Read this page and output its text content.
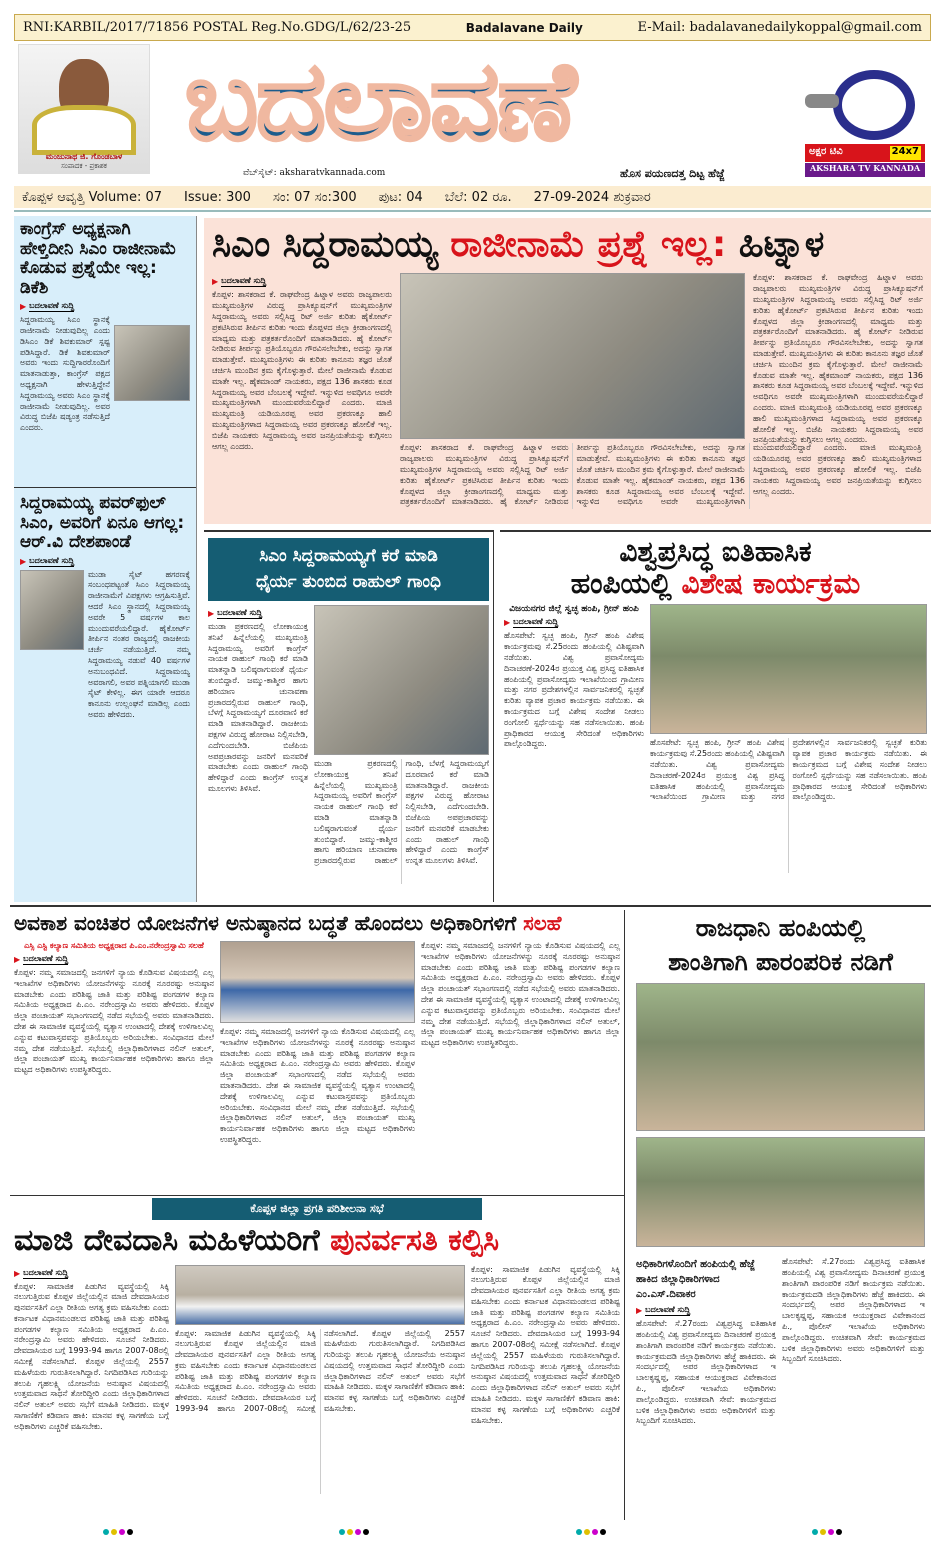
RNI:KARBIL/2017/71856 POSTAL Reg.No.GDG/L/62/23-25	Badalavane Daily	E-Mail: badalavanedailykoppal@gmail.com
ಮಂಜುನಾಥ ಜಿ. ಗೊಂಡಬಾಳ
ಸಂಪಾದಕ - ಪ್ರಕಾಶಕ
ಬದಲಾವಣೆ
ವೆಬ್‌ಸೈಟ್: aksharatvkannada.com	ಹೊಸ ಪಯಣದತ್ತ ದಿಟ್ಟ ಹೆಜ್ಜೆ
ಅಕ್ಷರ ಟಿವಿ	24x7
AKSHARA TV KANNADA
ಕೊಪ್ಪಳ ಆವೃತ್ತಿ Volume: 07 Issue: 300 ಸಂ: 07 ಸಂ:300 ಪುಟ: 04 ಬೆಲೆ: 02 ರೂ. 27-09-2024 ಶುಕ್ರವಾರ
ಕಾಂಗ್ರೆಸ್ ಅಧ್ಯಕ್ಷನಾಗಿ ಹೇಳ್ತಿದೀನಿ ಸಿಎಂ ರಾಜೀನಾಮೆ ಕೊಡುವ ಪ್ರಶ್ನೆಯೇ ಇಲ್ಲ: ಡಿಕೆಶಿ
▶ ಬದಲಾವಣೆ ಸುದ್ದಿ
ಸಿದ್ದರಾಮಯ್ಯ ಸಿಎಂ ಸ್ಥಾನಕ್ಕೆ ರಾಜೀನಾಮೆ ನೀಡುವುದಿಲ್ಲ ಎಂದು ಡಿಸಿಎಂ ಡಿಕೆ ಶಿವಕುಮಾರ್ ಸ್ಪಷ್ಟ ಪಡಿಸಿದ್ದಾರೆ. ಡಿಕೆ ಶಿವಕುಮಾರ್ ಅವರು ಇಂದು ಸುದ್ದಿಗಾರರೊಂದಿಗೆ ಮಾತನಾಡುತ್ತಾ, ಕಾಂಗ್ರೆಸ್ ಪಕ್ಷದ ಅಧ್ಯಕ್ಷನಾಗಿ ಹೇಳುತ್ತಿದ್ದೇನೆ ಸಿದ್ದರಾಮಯ್ಯ ಅವರು ಸಿಎಂ ಸ್ಥಾನಕ್ಕೆ ರಾಜೀನಾಮೆ ನೀಡುವುದಿಲ್ಲ. ಅವರ ವಿರುದ್ಧ ಬಿಜೆಪಿ ಷಡ್ಯಂತ್ರ ನಡೆಸುತ್ತಿದೆ ಎಂದರು.
ಸಿದ್ದರಾಮಯ್ಯ ಪವರ್‌ಫುಲ್ ಸಿಎಂ, ಅವರಿಗೆ ಏನೂ ಆಗಲ್ಲ: ಆರ್.ವಿ ದೇಶಪಾಂಡೆ
▶ ಬದಲಾವಣೆ ಸುದ್ದಿ
ಮುಡಾ ಸೈಟ್ ಹಗರಣಕ್ಕೆ ಸಂಬಂಧಪಟ್ಟಂತೆ ಸಿಎಂ ಸಿದ್ದರಾಮಯ್ಯ ರಾಜೀನಾಮೆಗೆ ವಿಪಕ್ಷಗಳು ಆಗ್ರಹಿಸುತ್ತಿವೆ. ಆದರೆ ಸಿಎಂ ಸ್ಥಾನದಲ್ಲಿ ಸಿದ್ದರಾಮಯ್ಯ ಅವರೇ 5 ವರ್ಷಗಳ ಕಾಲ ಮುಂದುವರೆಯಲಿದ್ದಾರೆ. ಹೈಕೋರ್ಟ್ ತೀರ್ಪಿನ ನಂತರ ರಾಜ್ಯದಲ್ಲಿ ರಾಜಕೀಯ ಚರ್ಚೆ ನಡೆಯುತ್ತಿದೆ. ನಮ್ಮ ಸಿದ್ದರಾಮಯ್ಯ ನಡುವೆ 40 ವರ್ಷಗಳ ಅನುಬಂಧವಿದೆ. ಸಿದ್ದರಾಮಯ್ಯ ಅವರಾಗಲಿ, ಅವರ ಪತ್ನಿಯಾಗಲಿ ಮುಡಾ ಸೈಟ್ ಕೇಳಿಲ್ಲ. ಈಗ ಯಾರೇ ಆದರೂ ಕಾನೂನು ಉಲ್ಲಂಘನೆ ಮಾಡಿಲ್ಲ ಎಂದು ಅವರು ಹೇಳಿದರು.
ಸಿಎಂ ಸಿದ್ದರಾಮಯ್ಯ ರಾಜೀನಾಮೆ ಪ್ರಶ್ನೆ ಇಲ್ಲ: ಹಿಟ್ನಾಳ
▶ ಬದಲಾವಣೆ ಸುದ್ದಿ
ಕೊಪ್ಪಳ: ಶಾಸಕರಾದ ಕೆ. ರಾಘವೇಂದ್ರ ಹಿಟ್ನಾಳ ಅವರು ರಾಜ್ಯಪಾಲರು ಮುಖ್ಯಮಂತ್ರಿಗಳ ವಿರುದ್ಧ ಪ್ರಾಸಿಕ್ಯೂಷನ್‌ಗೆ ಮುಖ್ಯಮಂತ್ರಿಗಳ ಸಿದ್ದರಾಮಯ್ಯ ಅವರು ಸಲ್ಲಿಸಿದ್ದ ರಿಟ್ ಅರ್ಜಿ ಕುರಿತು ಹೈಕೋರ್ಟ್ ಪ್ರಕಟಿಸಿರುವ ತೀರ್ಪಿನ ಕುರಿತು ಇಂದು ಕೊಪ್ಪಳದ ಜಿಲ್ಲಾ ಕ್ರೀಡಾಂಗಣದಲ್ಲಿ ಮಾಧ್ಯಮ ಮತ್ತು ಪತ್ರಕರ್ತರೊಂದಿಗೆ ಮಾತನಾಡಿದರು. ಹೈ ಕೋರ್ಟ್ ನೀಡಿರುವ ತೀರ್ಪನ್ನು ಪ್ರತಿಯೊಬ್ಬರೂ ಗೌರವಿಸಲೇಬೇಕು, ಅದನ್ನು ಸ್ವಾಗತ ಮಾಡುತ್ತೇವೆ. ಮುಖ್ಯಮಂತ್ರಿಗಳು ಈ ಕುರಿತು ಕಾನೂನು ತಜ್ಞರ ಜೊತೆ ಚರ್ಚಿಸಿ ಮುಂದಿನ ಕ್ರಮ ಕೈಗೊಳ್ಳುತ್ತಾರೆ. ಮೇಲೆ ರಾಜೀನಾಮೆ ಕೊಡುವ ಮಾತೇ ಇಲ್ಲ. ಹೈಕಮಾಂಡ್ ನಾಯಕರು, ಪಕ್ಷದ 136 ಶಾಸಕರು ಕೂಡ ಸಿದ್ದರಾಮಯ್ಯ ಅವರ ಬೆಂಬಲಕ್ಕೆ ಇದ್ದೇವೆ. ಇನ್ನುಳಿದ ಅವಧಿಗೂ ಅವರೇ ಮುಖ್ಯಮಂತ್ರಿಗಳಾಗಿ ಮುಂದುವರೆಯಲಿದ್ದಾರೆ ಎಂದರು. ಮಾಜಿ ಮುಖ್ಯಮಂತ್ರಿ ಯಡಿಯೂರಪ್ಪ ಅವರ ಪ್ರಕರಣಕ್ಕೂ ಹಾಲಿ ಮುಖ್ಯಮಂತ್ರಿಗಳಾದ ಸಿದ್ದರಾಮಯ್ಯ ಅವರ ಪ್ರಕರಣಕ್ಕೂ ಹೋಲಿಕೆ ಇಲ್ಲ. ಬಿಜೆಪಿ ನಾಯಕರು ಸಿದ್ದರಾಮಯ್ಯ ಅವರ ಜನಪ್ರಿಯತೆಯನ್ನು ಕುಗ್ಗಿಸಲು ಆಗಲ್ಲ ಎಂದರು.	ಕೊಪ್ಪಳ: ಶಾಸಕರಾದ ಕೆ. ರಾಘವೇಂದ್ರ ಹಿಟ್ನಾಳ ಅವರು ರಾಜ್ಯಪಾಲರು ಮುಖ್ಯಮಂತ್ರಿಗಳ ವಿರುದ್ಧ ಪ್ರಾಸಿಕ್ಯೂಷನ್‌ಗೆ ಮುಖ್ಯಮಂತ್ರಿಗಳ ಸಿದ್ದರಾಮಯ್ಯ ಅವರು ಸಲ್ಲಿಸಿದ್ದ ರಿಟ್ ಅರ್ಜಿ ಕುರಿತು ಹೈಕೋರ್ಟ್ ಪ್ರಕಟಿಸಿರುವ ತೀರ್ಪಿನ ಕುರಿತು ಇಂದು ಕೊಪ್ಪಳದ ಜಿಲ್ಲಾ ಕ್ರೀಡಾಂಗಣದಲ್ಲಿ ಮಾಧ್ಯಮ ಮತ್ತು ಪತ್ರಕರ್ತರೊಂದಿಗೆ ಮಾತನಾಡಿದರು. ಹೈ ಕೋರ್ಟ್ ನೀಡಿರುವ ತೀರ್ಪನ್ನು ಪ್ರತಿಯೊಬ್ಬರೂ ಗೌರವಿಸಲೇಬೇಕು, ಅದನ್ನು ಸ್ವಾಗತ ಮಾಡುತ್ತೇವೆ. ಮುಖ್ಯಮಂತ್ರಿಗಳು ಈ ಕುರಿತು ಕಾನೂನು ತಜ್ಞರ ಜೊತೆ ಚರ್ಚಿಸಿ ಮುಂದಿನ ಕ್ರಮ ಕೈಗೊಳ್ಳುತ್ತಾರೆ. ಮೇಲೆ ರಾಜೀನಾಮೆ ಕೊಡುವ ಮಾತೇ ಇಲ್ಲ. ಹೈಕಮಾಂಡ್ ನಾಯಕರು, ಪಕ್ಷದ 136 ಶಾಸಕರು ಕೂಡ ಸಿದ್ದರಾಮಯ್ಯ ಅವರ ಬೆಂಬಲಕ್ಕೆ ಇದ್ದೇವೆ. ಇನ್ನುಳಿದ ಅವಧಿಗೂ ಅವರೇ ಮುಖ್ಯಮಂತ್ರಿಗಳಾಗಿ ಮುಂದುವರೆಯಲಿದ್ದಾರೆ ಎಂದರು. ಮಾಜಿ ಮುಖ್ಯಮಂತ್ರಿ ಯಡಿಯೂರಪ್ಪ ಅವರ ಪ್ರಕರಣಕ್ಕೂ ಹಾಲಿ ಮುಖ್ಯಮಂತ್ರಿಗಳಾದ ಸಿದ್ದರಾಮಯ್ಯ ಅವರ ಪ್ರಕರಣಕ್ಕೂ ಹೋಲಿಕೆ ಇಲ್ಲ. ಬಿಜೆಪಿ ನಾಯಕರು ಸಿದ್ದರಾಮಯ್ಯ ಅವರ ಜನಪ್ರಿಯತೆಯನ್ನು ಕುಗ್ಗಿಸಲು ಆಗಲ್ಲ ಎಂದರು.
ಕೊಪ್ಪಳ: ಶಾಸಕರಾದ ಕೆ. ರಾಘವೇಂದ್ರ ಹಿಟ್ನಾಳ ಅವರು ರಾಜ್ಯಪಾಲರು ಮುಖ್ಯಮಂತ್ರಿಗಳ ವಿರುದ್ಧ ಪ್ರಾಸಿಕ್ಯೂಷನ್‌ಗೆ ಮುಖ್ಯಮಂತ್ರಿಗಳ ಸಿದ್ದರಾಮಯ್ಯ ಅವರು ಸಲ್ಲಿಸಿದ್ದ ರಿಟ್ ಅರ್ಜಿ ಕುರಿತು ಹೈಕೋರ್ಟ್ ಪ್ರಕಟಿಸಿರುವ ತೀರ್ಪಿನ ಕುರಿತು ಇಂದು ಕೊಪ್ಪಳದ ಜಿಲ್ಲಾ ಕ್ರೀಡಾಂಗಣದಲ್ಲಿ ಮಾಧ್ಯಮ ಮತ್ತು ಪತ್ರಕರ್ತರೊಂದಿಗೆ ಮಾತನಾಡಿದರು. ಹೈ ಕೋರ್ಟ್ ನೀಡಿರುವ ತೀರ್ಪನ್ನು ಪ್ರತಿಯೊಬ್ಬರೂ ಗೌರವಿಸಲೇಬೇಕು, ಅದನ್ನು ಸ್ವಾಗತ ಮಾಡುತ್ತೇವೆ. ಮುಖ್ಯಮಂತ್ರಿಗಳು ಈ ಕುರಿತು ಕಾನೂನು ತಜ್ಞರ ಜೊತೆ ಚರ್ಚಿಸಿ ಮುಂದಿನ ಕ್ರಮ ಕೈಗೊಳ್ಳುತ್ತಾರೆ. ಮೇಲೆ ರಾಜೀನಾಮೆ ಕೊಡುವ ಮಾತೇ ಇಲ್ಲ. ಹೈಕಮಾಂಡ್ ನಾಯಕರು, ಪಕ್ಷದ 136 ಶಾಸಕರು ಕೂಡ ಸಿದ್ದರಾಮಯ್ಯ ಅವರ ಬೆಂಬಲಕ್ಕೆ ಇದ್ದೇವೆ. ಇನ್ನುಳಿದ ಅವಧಿಗೂ ಅವರೇ ಮುಖ್ಯಮಂತ್ರಿಗಳಾಗಿ ಮುಂದುವರೆಯಲಿದ್ದಾರೆ ಎಂದರು. ಮಾಜಿ ಮುಖ್ಯಮಂತ್ರಿ ಯಡಿಯೂರಪ್ಪ ಅವರ ಪ್ರಕರಣಕ್ಕೂ ಹಾಲಿ ಮುಖ್ಯಮಂತ್ರಿಗಳಾದ ಸಿದ್ದರಾಮಯ್ಯ ಅವರ ಪ್ರಕರಣಕ್ಕೂ ಹೋಲಿಕೆ ಇಲ್ಲ. ಬಿಜೆಪಿ ನಾಯಕರು ಸಿದ್ದರಾಮಯ್ಯ ಅವರ ಜನಪ್ರಿಯತೆಯನ್ನು ಕುಗ್ಗಿಸಲು ಆಗಲ್ಲ ಎಂದರು.
ಸಿಎಂ ಸಿದ್ದರಾಮಯ್ಯಗೆ ಕರೆ ಮಾಡಿ
ಧೈರ್ಯ ತುಂಬಿದ ರಾಹುಲ್ ಗಾಂಧಿ
▶ ಬದಲಾವಣೆ ಸುದ್ದಿ
ಮುಡಾ ಪ್ರಕರಣದಲ್ಲಿ ಲೋಕಾಯುಕ್ತ ತನಿಖೆ ಹಿನ್ನೆಲೆಯಲ್ಲಿ ಮುಖ್ಯಮಂತ್ರಿ ಸಿದ್ದರಾಮಯ್ಯ ಅವರಿಗೆ ಕಾಂಗ್ರೆಸ್ ನಾಯಕ ರಾಹುಲ್ ಗಾಂಧಿ ಕರೆ ಮಾಡಿ ಮಾತನ್ನಾಡಿ ಬಲಿಷ್ಠರಾಗುವಂತೆ ಧೈರ್ಯ ತುಂಬಿದ್ದಾರೆ. ಜಮ್ಮು-ಕಾಶ್ಮೀರ ಹಾಗು ಹರಿಯಾಣ ಚುನಾವಣಾ ಪ್ರಚಾರದಲ್ಲಿರುವ ರಾಹುಲ್ ಗಾಂಧಿ, ಬೆಳಗ್ಗೆ ಸಿದ್ದರಾಮಯ್ಯಗೆ ದೂರವಾಣಿ ಕರೆ ಮಾಡಿ ಮಾತನಾಡಿದ್ದಾರೆ. ರಾಜಕೀಯ ಪಕ್ಷಗಳ ವಿರುದ್ಧ ಹೋರಾಟ ನಿಲ್ಲಿಸಬೇಡಿ, ಎದೆಗುಂದಬೇಡಿ. ಬಿಜೆಪಿಯ ಅಪಪ್ರಚಾರವನ್ನು ಜನರಿಗೆ ಮನವರಿಕೆ ಮಾಡಬೇಕು ಎಂದು ರಾಹುಲ್ ಗಾಂಧಿ ಹೇಳಿದ್ದಾರೆ ಎಂದು ಕಾಂಗ್ರೆಸ್ ಉನ್ನತ ಮೂಲಗಳು ತಿಳಿಸಿವೆ.
ಮುಡಾ ಪ್ರಕರಣದಲ್ಲಿ ಲೋಕಾಯುಕ್ತ ತನಿಖೆ ಹಿನ್ನೆಲೆಯಲ್ಲಿ ಮುಖ್ಯಮಂತ್ರಿ ಸಿದ್ದರಾಮಯ್ಯ ಅವರಿಗೆ ಕಾಂಗ್ರೆಸ್ ನಾಯಕ ರಾಹುಲ್ ಗಾಂಧಿ ಕರೆ ಮಾಡಿ ಮಾತನ್ನಾಡಿ ಬಲಿಷ್ಠರಾಗುವಂತೆ ಧೈರ್ಯ ತುಂಬಿದ್ದಾರೆ. ಜಮ್ಮು-ಕಾಶ್ಮೀರ ಹಾಗು ಹರಿಯಾಣ ಚುನಾವಣಾ ಪ್ರಚಾರದಲ್ಲಿರುವ ರಾಹುಲ್ ಗಾಂಧಿ, ಬೆಳಗ್ಗೆ ಸಿದ್ದರಾಮಯ್ಯಗೆ ದೂರವಾಣಿ ಕರೆ ಮಾಡಿ ಮಾತನಾಡಿದ್ದಾರೆ. ರಾಜಕೀಯ ಪಕ್ಷಗಳ ವಿರುದ್ಧ ಹೋರಾಟ ನಿಲ್ಲಿಸಬೇಡಿ, ಎದೆಗುಂದಬೇಡಿ. ಬಿಜೆಪಿಯ ಅಪಪ್ರಚಾರವನ್ನು ಜನರಿಗೆ ಮನವರಿಕೆ ಮಾಡಬೇಕು ಎಂದು ರಾಹುಲ್ ಗಾಂಧಿ ಹೇಳಿದ್ದಾರೆ ಎಂದು ಕಾಂಗ್ರೆಸ್ ಉನ್ನತ ಮೂಲಗಳು ತಿಳಿಸಿವೆ.
ವಿಶ್ವಪ್ರಸಿದ್ಧ ಐತಿಹಾಸಿಕ
ಹಂಪಿಯಲ್ಲಿ ವಿಶೇಷ ಕಾರ್ಯಕ್ರಮ
ವಿಜಯನಗರ ಜಿಲ್ಲೆ ಸ್ವಚ್ಛ ಹಂಪಿ, ಗ್ರೀನ್ ಹಂಪಿ
▶ ಬದಲಾವಣೆ ಸುದ್ದಿ
ಹೊಸಪೇಟೆ: ಸ್ವಚ್ಛ ಹಂಪಿ, ಗ್ರೀನ್ ಹಂಪಿ ವಿಶೇಷ ಕಾರ್ಯಕ್ರಮವು ಸೆ.25ರಂದು ಹಂಪಿಯಲ್ಲಿ ವಿಶಿಷ್ಟವಾಗಿ ನಡೆಯಿತು. ವಿಶ್ವ ಪ್ರವಾಸೋದ್ಯಮ ದಿನಾಚರಣೆ-2024ರ ಪ್ರಯುಕ್ತ ವಿಶ್ವ ಪ್ರಸಿದ್ಧ ಐತಿಹಾಸಿಕ ಹಂಪಿಯಲ್ಲಿ ಪ್ರವಾಸೋದ್ಯಮ ಇಲಾಖೆಯಿಂದ ಗ್ರಾಮೀಣ ಮತ್ತು ನಗರ ಪ್ರದೇಶಗಳಲ್ಲಿನ ಸಾರ್ವಜನಿಕರಲ್ಲಿ ಸ್ವಚ್ಛತೆ ಕುರಿತು ವ್ಯಾಪಕ ಪ್ರಚಾರ ಕಾರ್ಯಕ್ರಮ ನಡೆಯಿತು. ಈ ಕಾರ್ಯಕ್ರಮದ ಬಗ್ಗೆ ವಿಶೇಷ ಸಂದೇಶ ನೀಡಲು ರಂಗೋಲಿ ಸ್ಪರ್ಧೆಯನ್ನು ಸಹ ನಡೆಸಲಾಯಿತು. ಹಂಪಿ ಪ್ರಾಧಿಕಾರದ ಆಯುಕ್ತ ಸೇರಿದಂತೆ ಅಧಿಕಾರಿಗಳು ಪಾಲ್ಗೊಂಡಿದ್ದರು.	ಹೊಸಪೇಟೆ: ಸ್ವಚ್ಛ ಹಂಪಿ, ಗ್ರೀನ್ ಹಂಪಿ ವಿಶೇಷ ಕಾರ್ಯಕ್ರಮವು ಸೆ.25ರಂದು ಹಂಪಿಯಲ್ಲಿ ವಿಶಿಷ್ಟವಾಗಿ ನಡೆಯಿತು. ವಿಶ್ವ ಪ್ರವಾಸೋದ್ಯಮ ದಿನಾಚರಣೆ-2024ರ ಪ್ರಯುಕ್ತ ವಿಶ್ವ ಪ್ರಸಿದ್ಧ ಐತಿಹಾಸಿಕ ಹಂಪಿಯಲ್ಲಿ ಪ್ರವಾಸೋದ್ಯಮ ಇಲಾಖೆಯಿಂದ ಗ್ರಾಮೀಣ ಮತ್ತು ನಗರ ಪ್ರದೇಶಗಳಲ್ಲಿನ ಸಾರ್ವಜನಿಕರಲ್ಲಿ ಸ್ವಚ್ಛತೆ ಕುರಿತು ವ್ಯಾಪಕ ಪ್ರಚಾರ ಕಾರ್ಯಕ್ರಮ ನಡೆಯಿತು. ಈ ಕಾರ್ಯಕ್ರಮದ ಬಗ್ಗೆ ವಿಶೇಷ ಸಂದೇಶ ನೀಡಲು ರಂಗೋಲಿ ಸ್ಪರ್ಧೆಯನ್ನು ಸಹ ನಡೆಸಲಾಯಿತು. ಹಂಪಿ ಪ್ರಾಧಿಕಾರದ ಆಯುಕ್ತ ಸೇರಿದಂತೆ ಅಧಿಕಾರಿಗಳು ಪಾಲ್ಗೊಂಡಿದ್ದರು.
ಅವಕಾಶ ವಂಚಿತರ ಯೋಜನೆಗಳ ಅನುಷ್ಠಾನದ ಬದ್ಧತೆ ಹೊಂದಲು ಅಧಿಕಾರಿಗಳಿಗೆ ಸಲಹೆ
ಎಸ್ಸಿ ಎಸ್ಟಿ ಕಲ್ಯಾಣ ಸಮಿತಿಯ ಅಧ್ಯಕ್ಷರಾದ ಪಿ.ಎಂ.ನರೇಂದ್ರಸ್ವಾಮಿ ಸಲಹೆ
▶ ಬದಲಾವಣೆ ಸುದ್ದಿ
ಕೊಪ್ಪಳ: ನಮ್ಮ ಸಮಾಜದಲ್ಲಿ ಜನಗಳಿಗೆ ನ್ಯಾಯ ಕೊಡಿಸುವ ವಿಷಯದಲ್ಲಿ ಎಲ್ಲ ಇಲಾಖೆಗಳ ಅಧಿಕಾರಿಗಳು ಯೋಜನೆಗಳನ್ನು ನೂರಕ್ಕೆ ನೂರರಷ್ಟು ಅನುಷ್ಠಾನ ಮಾಡಬೇಕು ಎಂದು ಪರಿಶಿಷ್ಟ ಜಾತಿ ಮತ್ತು ಪರಿಶಿಷ್ಟ ಪಂಗಡಗಳ ಕಲ್ಯಾಣ ಸಮಿತಿಯ ಅಧ್ಯಕ್ಷರಾದ ಪಿ.ಎಂ. ನರೇಂದ್ರಸ್ವಾಮಿ ಅವರು ಹೇಳಿದರು. ಕೊಪ್ಪಳ ಜಿಲ್ಲಾ ಪಂಚಾಯತ್ ಸಭಾಂಗಣದಲ್ಲಿ ನಡೆದ ಸಭೆಯಲ್ಲಿ ಅವರು ಮಾತನಾಡಿದರು. ದೇಶ ಈ ಸಾಮಾಜಿಕ ವ್ಯವಸ್ಥೆಯಲ್ಲಿ ವ್ಯತ್ಯಾಸ ಉಂಟಾದಲ್ಲಿ ದೇಶಕ್ಕೆ ಉಳಿಗಾಲವಿಲ್ಲ ಎನ್ನುವ ಕಟುವಾಸ್ತವವನ್ನು ಪ್ರತಿಯೊಬ್ಬರು ಅರಿಯಬೇಕು. ಸಂವಿಧಾನದ ಮೇಲೆ ನಮ್ಮ ದೇಶ ನಡೆಯುತ್ತಿದೆ. ಸಭೆಯಲ್ಲಿ ಜಿಲ್ಲಾಧಿಕಾರಿಗಳಾದ ನಲಿನ್ ಅತುಲ್, ಜಿಲ್ಲಾ ಪಂಚಾಯತ್ ಮುಖ್ಯ ಕಾರ್ಯನಿರ್ವಾಹಕ ಅಧಿಕಾರಿಗಳು ಹಾಗೂ ಜಿಲ್ಲಾ ಮಟ್ಟದ ಅಧಿಕಾರಿಗಳು ಉಪಸ್ಥಿತರಿದ್ದರು.
ಕೊಪ್ಪಳ: ನಮ್ಮ ಸಮಾಜದಲ್ಲಿ ಜನಗಳಿಗೆ ನ್ಯಾಯ ಕೊಡಿಸುವ ವಿಷಯದಲ್ಲಿ ಎಲ್ಲ ಇಲಾಖೆಗಳ ಅಧಿಕಾರಿಗಳು ಯೋಜನೆಗಳನ್ನು ನೂರಕ್ಕೆ ನೂರರಷ್ಟು ಅನುಷ್ಠಾನ ಮಾಡಬೇಕು ಎಂದು ಪರಿಶಿಷ್ಟ ಜಾತಿ ಮತ್ತು ಪರಿಶಿಷ್ಟ ಪಂಗಡಗಳ ಕಲ್ಯಾಣ ಸಮಿತಿಯ ಅಧ್ಯಕ್ಷರಾದ ಪಿ.ಎಂ. ನರೇಂದ್ರಸ್ವಾಮಿ ಅವರು ಹೇಳಿದರು. ಕೊಪ್ಪಳ ಜಿಲ್ಲಾ ಪಂಚಾಯತ್ ಸಭಾಂಗಣದಲ್ಲಿ ನಡೆದ ಸಭೆಯಲ್ಲಿ ಅವರು ಮಾತನಾಡಿದರು. ದೇಶ ಈ ಸಾಮಾಜಿಕ ವ್ಯವಸ್ಥೆಯಲ್ಲಿ ವ್ಯತ್ಯಾಸ ಉಂಟಾದಲ್ಲಿ ದೇಶಕ್ಕೆ ಉಳಿಗಾಲವಿಲ್ಲ ಎನ್ನುವ ಕಟುವಾಸ್ತವವನ್ನು ಪ್ರತಿಯೊಬ್ಬರು ಅರಿಯಬೇಕು. ಸಂವಿಧಾನದ ಮೇಲೆ ನಮ್ಮ ದೇಶ ನಡೆಯುತ್ತಿದೆ. ಸಭೆಯಲ್ಲಿ ಜಿಲ್ಲಾಧಿಕಾರಿಗಳಾದ ನಲಿನ್ ಅತುಲ್, ಜಿಲ್ಲಾ ಪಂಚಾಯತ್ ಮುಖ್ಯ ಕಾರ್ಯನಿರ್ವಾಹಕ ಅಧಿಕಾರಿಗಳು ಹಾಗೂ ಜಿಲ್ಲಾ ಮಟ್ಟದ ಅಧಿಕಾರಿಗಳು ಉಪಸ್ಥಿತರಿದ್ದರು.
ಕೊಪ್ಪಳ: ನಮ್ಮ ಸಮಾಜದಲ್ಲಿ ಜನಗಳಿಗೆ ನ್ಯಾಯ ಕೊಡಿಸುವ ವಿಷಯದಲ್ಲಿ ಎಲ್ಲ ಇಲಾಖೆಗಳ ಅಧಿಕಾರಿಗಳು ಯೋಜನೆಗಳನ್ನು ನೂರಕ್ಕೆ ನೂರರಷ್ಟು ಅನುಷ್ಠಾನ ಮಾಡಬೇಕು ಎಂದು ಪರಿಶಿಷ್ಟ ಜಾತಿ ಮತ್ತು ಪರಿಶಿಷ್ಟ ಪಂಗಡಗಳ ಕಲ್ಯಾಣ ಸಮಿತಿಯ ಅಧ್ಯಕ್ಷರಾದ ಪಿ.ಎಂ. ನರೇಂದ್ರಸ್ವಾಮಿ ಅವರು ಹೇಳಿದರು. ಕೊಪ್ಪಳ ಜಿಲ್ಲಾ ಪಂಚಾಯತ್ ಸಭಾಂಗಣದಲ್ಲಿ ನಡೆದ ಸಭೆಯಲ್ಲಿ ಅವರು ಮಾತನಾಡಿದರು. ದೇಶ ಈ ಸಾಮಾಜಿಕ ವ್ಯವಸ್ಥೆಯಲ್ಲಿ ವ್ಯತ್ಯಾಸ ಉಂಟಾದಲ್ಲಿ ದೇಶಕ್ಕೆ ಉಳಿಗಾಲವಿಲ್ಲ ಎನ್ನುವ ಕಟುವಾಸ್ತವವನ್ನು ಪ್ರತಿಯೊಬ್ಬರು ಅರಿಯಬೇಕು. ಸಂವಿಧಾನದ ಮೇಲೆ ನಮ್ಮ ದೇಶ ನಡೆಯುತ್ತಿದೆ. ಸಭೆಯಲ್ಲಿ ಜಿಲ್ಲಾಧಿಕಾರಿಗಳಾದ ನಲಿನ್ ಅತುಲ್, ಜಿಲ್ಲಾ ಪಂಚಾಯತ್ ಮುಖ್ಯ ಕಾರ್ಯನಿರ್ವಾಹಕ ಅಧಿಕಾರಿಗಳು ಹಾಗೂ ಜಿಲ್ಲಾ ಮಟ್ಟದ ಅಧಿಕಾರಿಗಳು ಉಪಸ್ಥಿತರಿದ್ದರು.
ರಾಜಧಾನಿ ಹಂಪಿಯಲ್ಲಿ
ಶಾಂತಿಗಾಗಿ ಪಾರಂಪರಿಕ ನಡಿಗೆ
ಅಧಿಕಾರಿಗಳೊಂದಿಗೆ ಹಂಪಿಯಲ್ಲಿ ಹೆಜ್ಜೆ ಹಾಕಿದ ಜಿಲ್ಲಾಧಿಕಾರಿಗಳಾದ ಎಂ.ಎಸ್.ದಿವಾಕರ
▶ ಬದಲಾವಣೆ ಸುದ್ದಿ
ಹೊಸಪೇಟೆ: ಸೆ.27ರಂದು ವಿಶ್ವಪ್ರಸಿದ್ಧ ಐತಿಹಾಸಿಕ ಹಂಪಿಯಲ್ಲಿ ವಿಶ್ವ ಪ್ರವಾಸೋದ್ಯಮ ದಿನಾಚರಣೆ ಪ್ರಯುಕ್ತ ಶಾಂತಿಗಾಗಿ ಪಾರಂಪರಿಕ ನಡಿಗೆ ಕಾರ್ಯಕ್ರಮ ನಡೆಯಿತು. ಕಾರ್ಯಕ್ರಮದಡಿ ಜಿಲ್ಲಾಧಿಕಾರಿಗಳು ಹೆಜ್ಜೆ ಹಾಕಿದರು. ಈ ಸಂದರ್ಭದಲ್ಲಿ ಅಪರ ಜಿಲ್ಲಾಧಿಕಾರಿಗಳಾದ ಇ ಬಾಲಕೃಷ್ಣಪ್ಪ, ಸಹಾಯಕ ಆಯುಕ್ತರಾದ ವಿವೇಕಾನಂದ ಪಿ., ಪೊಲೀಸ್ ಇಲಾಖೆಯ ಅಧಿಕಾರಿಗಳು ಪಾಲ್ಗೊಂಡಿದ್ದರು. ಉಚಿತವಾಗಿ ಸೇವೆ: ಕಾರ್ಯಕ್ರಮದ ಬಳಿಕ ಜಿಲ್ಲಾಧಿಕಾರಿಗಳು ಅವರು ಅಧಿಕಾರಿಗಳಿಗೆ ಮತ್ತು ಸಿಬ್ಬಂದಿಗೆ ಸೂಚಿಸಿದರು.
ಹೊಸಪೇಟೆ: ಸೆ.27ರಂದು ವಿಶ್ವಪ್ರಸಿದ್ಧ ಐತಿಹಾಸಿಕ ಹಂಪಿಯಲ್ಲಿ ವಿಶ್ವ ಪ್ರವಾಸೋದ್ಯಮ ದಿನಾಚರಣೆ ಪ್ರಯುಕ್ತ ಶಾಂತಿಗಾಗಿ ಪಾರಂಪರಿಕ ನಡಿಗೆ ಕಾರ್ಯಕ್ರಮ ನಡೆಯಿತು. ಕಾರ್ಯಕ್ರಮದಡಿ ಜಿಲ್ಲಾಧಿಕಾರಿಗಳು ಹೆಜ್ಜೆ ಹಾಕಿದರು. ಈ ಸಂದರ್ಭದಲ್ಲಿ ಅಪರ ಜಿಲ್ಲಾಧಿಕಾರಿಗಳಾದ ಇ ಬಾಲಕೃಷ್ಣಪ್ಪ, ಸಹಾಯಕ ಆಯುಕ್ತರಾದ ವಿವೇಕಾನಂದ ಪಿ., ಪೊಲೀಸ್ ಇಲಾಖೆಯ ಅಧಿಕಾರಿಗಳು ಪಾಲ್ಗೊಂಡಿದ್ದರು. ಉಚಿತವಾಗಿ ಸೇವೆ: ಕಾರ್ಯಕ್ರಮದ ಬಳಿಕ ಜಿಲ್ಲಾಧಿಕಾರಿಗಳು ಅವರು ಅಧಿಕಾರಿಗಳಿಗೆ ಮತ್ತು ಸಿಬ್ಬಂದಿಗೆ ಸೂಚಿಸಿದರು.
ಕೊಪ್ಪಳ ಜಿಲ್ಲಾ ಪ್ರಗತಿ ಪರಿಶೀಲನಾ ಸಭೆ
ಮಾಜಿ ದೇವದಾಸಿ ಮಹಿಳೆಯರಿಗೆ ಪುನರ್ವಸತಿ ಕಲ್ಪಿಸಿ
▶ ಬದಲಾವಣೆ ಸುದ್ದಿ
ಕೊಪ್ಪಳ: ಸಾಮಾಜಿಕ ಪಿಡುಗಿನ ವ್ಯವಸ್ಥೆಯಲ್ಲಿ ಸಿಕ್ಕಿ ನಲುಗುತ್ತಿರುವ ಕೊಪ್ಪಳ ಜಿಲ್ಲೆಯಲ್ಲಿನ ಮಾಜಿ ದೇವದಾಸಿಯರ ಪುನರ್ವಸತಿಗೆ ಎಲ್ಲಾ ರೀತಿಯ ಅಗತ್ಯ ಕ್ರಮ ವಹಿಸಬೇಕು ಎಂದು ಕರ್ನಾಟಕ ವಿಧಾನಮಂಡಲದ ಪರಿಶಿಷ್ಟ ಜಾತಿ ಮತ್ತು ಪರಿಶಿಷ್ಟ ಪಂಗಡಗಳ ಕಲ್ಯಾಣ ಸಮಿತಿಯ ಅಧ್ಯಕ್ಷರಾದ ಪಿ.ಎಂ. ನರೇಂದ್ರಸ್ವಾಮಿ ಅವರು ಹೇಳಿದರು. ಸೂಚನೆ ನೀಡಿದರು. ದೇವದಾಸಿಯರ ಬಗ್ಗೆ 1993-94 ಹಾಗೂ 2007-08ರಲ್ಲಿ ಸಮೀಕ್ಷೆ ನಡೆಸಲಾಗಿದೆ. ಕೊಪ್ಪಳ ಜಿಲ್ಲೆಯಲ್ಲಿ 2557 ಮಹಿಳೆಯರು ಗುರುತಿಸಲಾಗಿದ್ದಾರೆ. ನಿಗದಿಪಡಿಸಿದ ಗುರಿಯನ್ನು ತಲುಪಿ ಗೃಹಲಕ್ಷ್ಮಿ ಯೋಜನೆಯ ಅನುಷ್ಠಾನ ವಿಷಯದಲ್ಲಿ ಉತ್ತಮವಾದ ಸಾಧನೆ ತೋರಿದ್ದೀರಿ ಎಂದು ಜಿಲ್ಲಾಧಿಕಾರಿಗಳಾದ ನಲಿನ್ ಅತುಲ್ ಅವರು ಸಭೆಗೆ ಮಾಹಿತಿ ನೀಡಿದರು. ಮಕ್ಕಳ ಸಾಗಾಣಿಕೆಗೆ ಕಡಿವಾಣ ಹಾಕಿ: ಮಾನವ ಕಳ್ಳ ಸಾಗಣೆಯ ಬಗ್ಗೆ ಅಧಿಕಾರಿಗಳು ಎಚ್ಚರಿಕೆ ವಹಿಸಬೇಕು.
ಕೊಪ್ಪಳ: ಸಾಮಾಜಿಕ ಪಿಡುಗಿನ ವ್ಯವಸ್ಥೆಯಲ್ಲಿ ಸಿಕ್ಕಿ ನಲುಗುತ್ತಿರುವ ಕೊಪ್ಪಳ ಜಿಲ್ಲೆಯಲ್ಲಿನ ಮಾಜಿ ದೇವದಾಸಿಯರ ಪುನರ್ವಸತಿಗೆ ಎಲ್ಲಾ ರೀತಿಯ ಅಗತ್ಯ ಕ್ರಮ ವಹಿಸಬೇಕು ಎಂದು ಕರ್ನಾಟಕ ವಿಧಾನಮಂಡಲದ ಪರಿಶಿಷ್ಟ ಜಾತಿ ಮತ್ತು ಪರಿಶಿಷ್ಟ ಪಂಗಡಗಳ ಕಲ್ಯಾಣ ಸಮಿತಿಯ ಅಧ್ಯಕ್ಷರಾದ ಪಿ.ಎಂ. ನರೇಂದ್ರಸ್ವಾಮಿ ಅವರು ಹೇಳಿದರು. ಸೂಚನೆ ನೀಡಿದರು. ದೇವದಾಸಿಯರ ಬಗ್ಗೆ 1993-94 ಹಾಗೂ 2007-08ರಲ್ಲಿ ಸಮೀಕ್ಷೆ ನಡೆಸಲಾಗಿದೆ. ಕೊಪ್ಪಳ ಜಿಲ್ಲೆಯಲ್ಲಿ 2557 ಮಹಿಳೆಯರು ಗುರುತಿಸಲಾಗಿದ್ದಾರೆ. ನಿಗದಿಪಡಿಸಿದ ಗುರಿಯನ್ನು ತಲುಪಿ ಗೃಹಲಕ್ಷ್ಮಿ ಯೋಜನೆಯ ಅನುಷ್ಠಾನ ವಿಷಯದಲ್ಲಿ ಉತ್ತಮವಾದ ಸಾಧನೆ ತೋರಿದ್ದೀರಿ ಎಂದು ಜಿಲ್ಲಾಧಿಕಾರಿಗಳಾದ ನಲಿನ್ ಅತುಲ್ ಅವರು ಸಭೆಗೆ ಮಾಹಿತಿ ನೀಡಿದರು. ಮಕ್ಕಳ ಸಾಗಾಣಿಕೆಗೆ ಕಡಿವಾಣ ಹಾಕಿ: ಮಾನವ ಕಳ್ಳ ಸಾಗಣೆಯ ಬಗ್ಗೆ ಅಧಿಕಾರಿಗಳು ಎಚ್ಚರಿಕೆ ವಹಿಸಬೇಕು.
ಕೊಪ್ಪಳ: ಸಾಮಾಜಿಕ ಪಿಡುಗಿನ ವ್ಯವಸ್ಥೆಯಲ್ಲಿ ಸಿಕ್ಕಿ ನಲುಗುತ್ತಿರುವ ಕೊಪ್ಪಳ ಜಿಲ್ಲೆಯಲ್ಲಿನ ಮಾಜಿ ದೇವದಾಸಿಯರ ಪುನರ್ವಸತಿಗೆ ಎಲ್ಲಾ ರೀತಿಯ ಅಗತ್ಯ ಕ್ರಮ ವಹಿಸಬೇಕು ಎಂದು ಕರ್ನಾಟಕ ವಿಧಾನಮಂಡಲದ ಪರಿಶಿಷ್ಟ ಜಾತಿ ಮತ್ತು ಪರಿಶಿಷ್ಟ ಪಂಗಡಗಳ ಕಲ್ಯಾಣ ಸಮಿತಿಯ ಅಧ್ಯಕ್ಷರಾದ ಪಿ.ಎಂ. ನರೇಂದ್ರಸ್ವಾಮಿ ಅವರು ಹೇಳಿದರು. ಸೂಚನೆ ನೀಡಿದರು. ದೇವದಾಸಿಯರ ಬಗ್ಗೆ 1993-94 ಹಾಗೂ 2007-08ರಲ್ಲಿ ಸಮೀಕ್ಷೆ ನಡೆಸಲಾಗಿದೆ. ಕೊಪ್ಪಳ ಜಿಲ್ಲೆಯಲ್ಲಿ 2557 ಮಹಿಳೆಯರು ಗುರುತಿಸಲಾಗಿದ್ದಾರೆ. ನಿಗದಿಪಡಿಸಿದ ಗುರಿಯನ್ನು ತಲುಪಿ ಗೃಹಲಕ್ಷ್ಮಿ ಯೋಜನೆಯ ಅನುಷ್ಠಾನ ವಿಷಯದಲ್ಲಿ ಉತ್ತಮವಾದ ಸಾಧನೆ ತೋರಿದ್ದೀರಿ ಎಂದು ಜಿಲ್ಲಾಧಿಕಾರಿಗಳಾದ ನಲಿನ್ ಅತುಲ್ ಅವರು ಸಭೆಗೆ ಮಾಹಿತಿ ನೀಡಿದರು. ಮಕ್ಕಳ ಸಾಗಾಣಿಕೆಗೆ ಕಡಿವಾಣ ಹಾಕಿ: ಮಾನವ ಕಳ್ಳ ಸಾಗಣೆಯ ಬಗ್ಗೆ ಅಧಿಕಾರಿಗಳು ಎಚ್ಚರಿಕೆ ವಹಿಸಬೇಕು.
